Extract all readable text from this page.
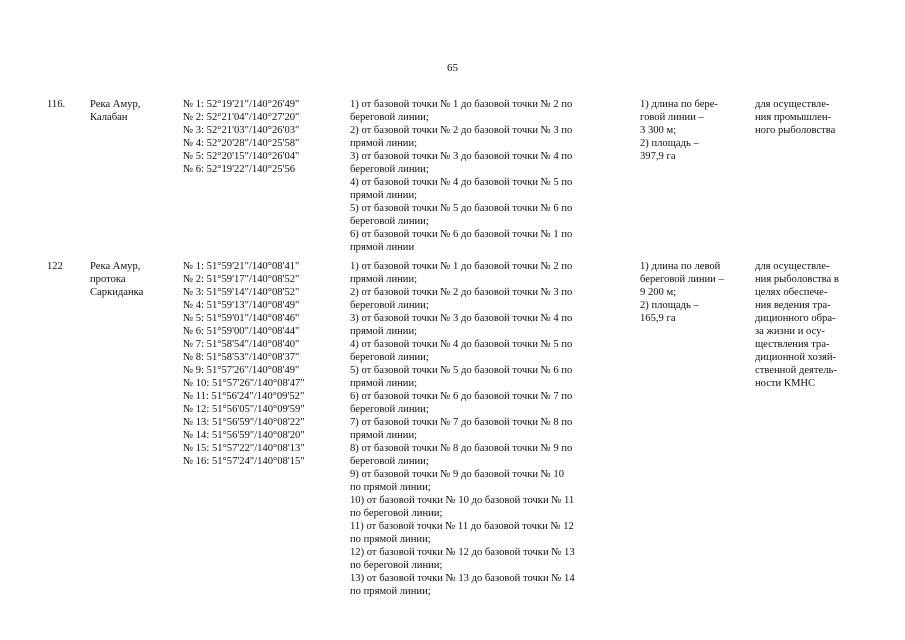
65
116.	Река Амур,
Калабан
№ 1: 52°19'21"/140°26'49"
№ 2: 52°21'04"/140°27'20"
№ 3: 52°21'03"/140°26'03"
№ 4: 52°20'28"/140°25'58"
№ 5: 52°20'15"/140°26'04"
№ 6: 52°19'22"/140°25'56
1) от базовой точки № 1 до базовой точки № 2 по
береговой линии;
2) от базовой точки № 2 до базовой точки № 3 по
прямой линии;
3) от базовой точки № 3 до базовой точки № 4 по
береговой линии;
4) от базовой точки № 4 до базовой точки № 5 по
прямой линии;
5) от базовой точки № 5 до базовой точки № 6 по
береговой линии;
6) от базовой точки № 6 до базовой точки № 1 по
прямой линии
1) длина по бере-
говой линии –
3 300 м;
2) площадь –
397,9 га
для осуществле-
ния промышлен-
ного рыболовства
122	Река Амур,
протока
Саркиданка
№ 1: 51°59'21"/140°08'41"
№ 2: 51°59'17"/140°08'52"
№ 3: 51°59'14"/140°08'52"
№ 4: 51°59'13"/140°08'49"
№ 5: 51°59'01"/140°08'46"
№ 6: 51°59'00"/140°08'44"
№ 7: 51°58'54"/140°08'40"
№ 8: 51°58'53"/140°08'37"
№ 9: 51°57'26"/140°08'49"
№ 10: 51°57'26"/140°08'47"
№ 11: 51°56'24"/140°09'52"
№ 12: 51°56'05"/140°09'59"
№ 13: 51°56'59"/140°08'22"
№ 14: 51°56'59"/140°08'20"
№ 15: 51°57'22"/140°08'13"
№ 16: 51°57'24"/140°08'15"
1) от базовой точки № 1 до базовой точки № 2 по
прямой линии;
2) от базовой точки № 2 до базовой точки № 3 по
береговой линии;
3) от базовой точки № 3 до базовой точки № 4 по
прямой линии;
4) от базовой точки № 4 до базовой точки № 5 по
береговой линии;
5) от базовой точки № 5 до базовой точки № 6 по
прямой линии;
6) от базовой точки № 6 до базовой точки № 7 по
береговой линии;
7) от базовой точки № 7 до базовой точки № 8 по
прямой линии;
8) от базовой точки № 8 до базовой точки № 9 по
береговой линии;
9) от базовой точки № 9 до базовой точки № 10
по прямой линии;
10) от базовой точки № 10 до базовой точки № 11
по береговой линии;
11) от базовой точки № 11 до базовой точки № 12
по прямой линии;
12) от базовой точки № 12 до базовой точки № 13
по береговой линии;
13) от базовой точки № 13 до базовой точки № 14
по прямой линии;
1) длина по левой
береговой линии –
9 200 м;
2) площадь –
165,9 га
для осуществле-
ния рыболовства в
целях обеспече-
ния ведения тра-
диционного обра-
за жизни и осу-
ществления тра-
диционной хозяй-
ственной деятель-
ности КМНС
